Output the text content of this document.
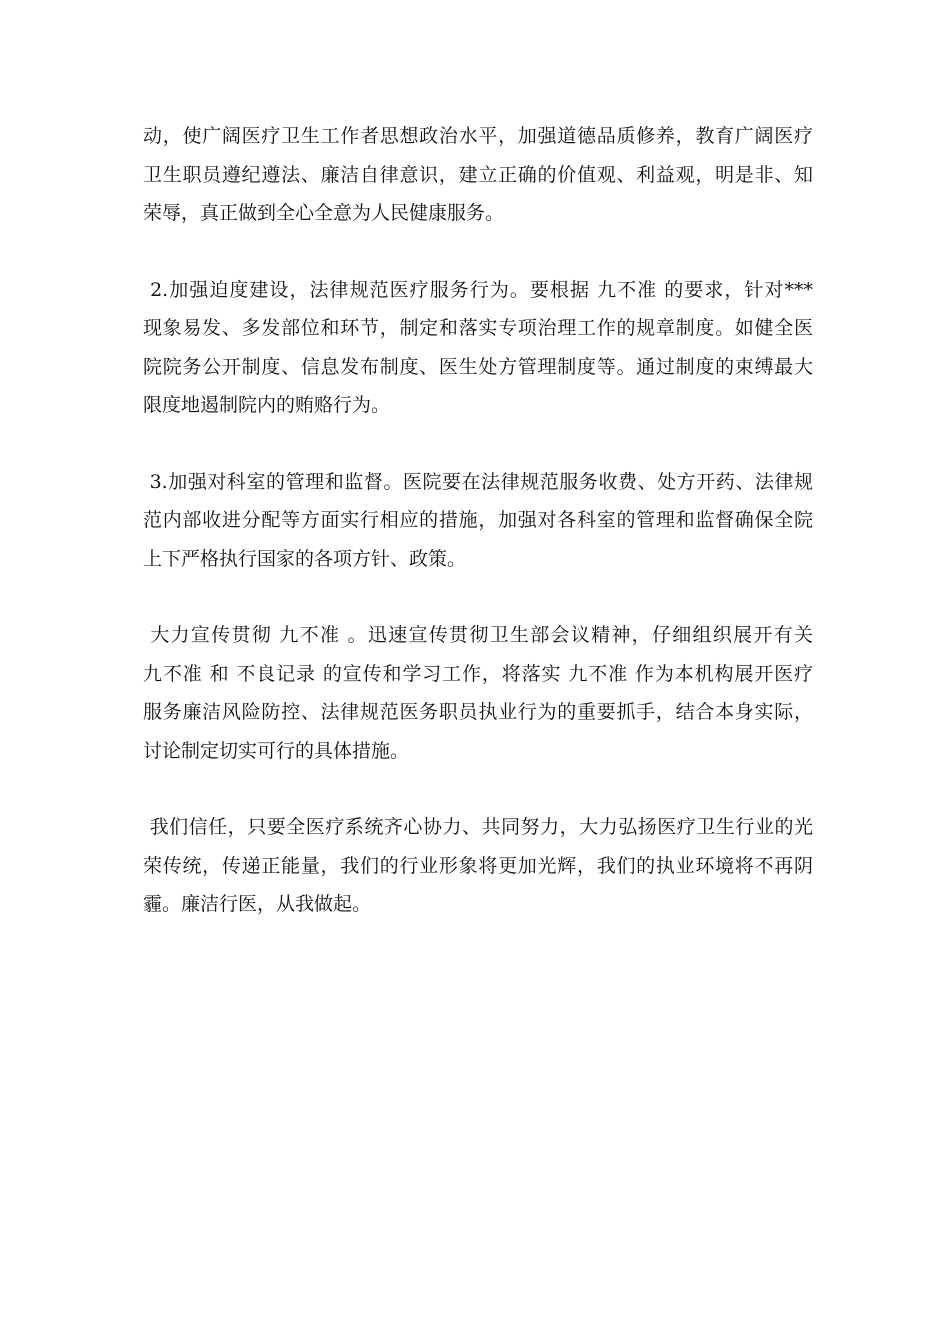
动，使广阔医疗卫生工作者思想政治水平，加强道德品质修养，教育广阔医疗
卫生职员遵纪遵法、廉洁自律意识，建立正确的价值观、利益观，明是非、知
荣辱，真正做到全心全意为人民健康服务。

2.加强迫度建设，法律规范医疗服务行为。要根据 九不准 的要求，针对***
现象易发、多发部位和环节，制定和落实专项治理工作的规章制度。如健全医
院院务公开制度、信息发布制度、医生处方管理制度等。通过制度的束缚最大
限度地遏制院内的贿赂行为。

3.加强对科室的管理和监督。医院要在法律规范服务收费、处方开药、法律规
范内部收进分配等方面实行相应的措施，加强对各科室的管理和监督确保全院
上下严格执行国家的各项方针、政策。

大力宣传贯彻 九不准 。迅速宣传贯彻卫生部会议精神，仔细组织展开有关
九不准 和 不良记录 的宣传和学习工作，将落实 九不准 作为本机构展开医疗
服务廉洁风险防控、法律规范医务职员执业行为的重要抓手，结合本身实际，
讨论制定切实可行的具体措施。

我们信任，只要全医疗系统齐心协力、共同努力，大力弘扬医疗卫生行业的光
荣传统，传递正能量，我们的行业形象将更加光辉，我们的执业环境将不再阴
霾。廉洁行医，从我做起。
